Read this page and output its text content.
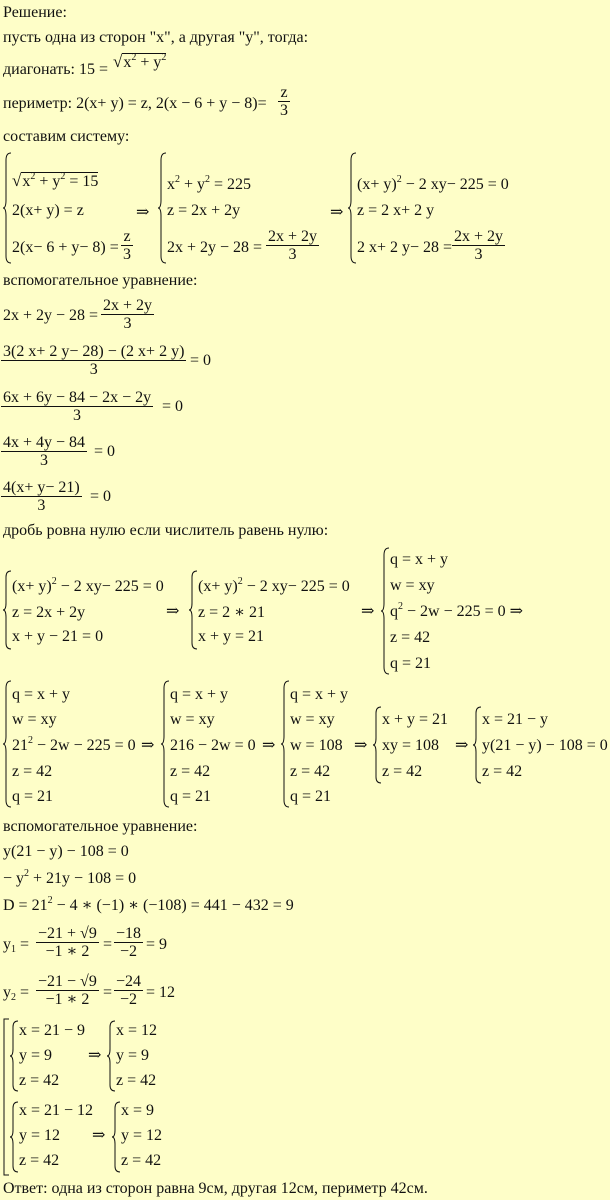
Решение:
пусть одна из сторон "х", а другая "у", тогда:
диагонать: $15 = √x^2 + y^2$
периметр: 2(x+ y) = z, $2(x - 6 + y - 8)= \frac{z}{3}$
составим систему:
$√x^2 + y^2 = 15$
2(x+ y) = z
2(x− 6 + y− 8) =
z
3
⇒
$x^2 + y^2 = 225$
z = 2x + 2y
2x + 2y − 28 =
2x + 2y
3
⇒
$(x+ y)^2 - 2$ xy− 225 = 0
z = 2 x+ 2 y
2 x+ 2 y− 28 =
2x + 2y
3
вспомогательное уравнение:
2x + 2y − 28 =
2x + 2y
3
3(2 x+ 2 y− 28) − (2 x+ 2 y)
3
= 0
6x + 6y − 84 − 2x − 2y
3
= 0
4x + 4y − 84
3
= 0
4(x+ y− 21)
3
= 0
дробь ровна нулю если числитель равень нулю:
$(x+ y)^2 - 2$ xy− 225 = 0
z = 2x + 2y
x + y − 21 = 0
⇒
$(x+ y)^2 - 2$ xy− 225 = 0
z = 2 ∗ 21
x + y = 21
⇒
q = x + y
w = xy
$q^2 - 2w - 225 = 0$ ⇒
z = 42
q = 21
q = x + y
w = xy
$21^2 - 2w - 225 = 0$
z = 42
q = 21
⇒
q = x + y
w = xy
216 − 2w = 0
z = 42
q = 21
⇒
q = x + y
w = xy
w = 108
z = 42
q = 21
⇒
x + y = 21
xy = 108
z = 42
⇒
x = 21 − y
y(21 − y) − 108 = 0
z = 42
вспомогательное уравнение:
y(21 − y) − 108 = 0
− $y^2 + 21y - 108 = 0$
$D = 21^2 - 4$ ∗ (−1) ∗ (−108) = 441 − 432 = 9
$y_1$ =
−21 + √9
−1 ∗ 2 =
−18
−2 = 9
$y_2$ =
−21 − √9
−1 ∗ 2 =
−24
−2 = 12
x = 21 − 9
y = 9
z = 42
⇒
x = 12
y = 9
z = 42
x = 21 − 12
y = 12
z = 42
⇒
x = 9
y = 12
z = 42
Ответ: одна из сторон равна 9см, другая 12см, периметр 42см.
